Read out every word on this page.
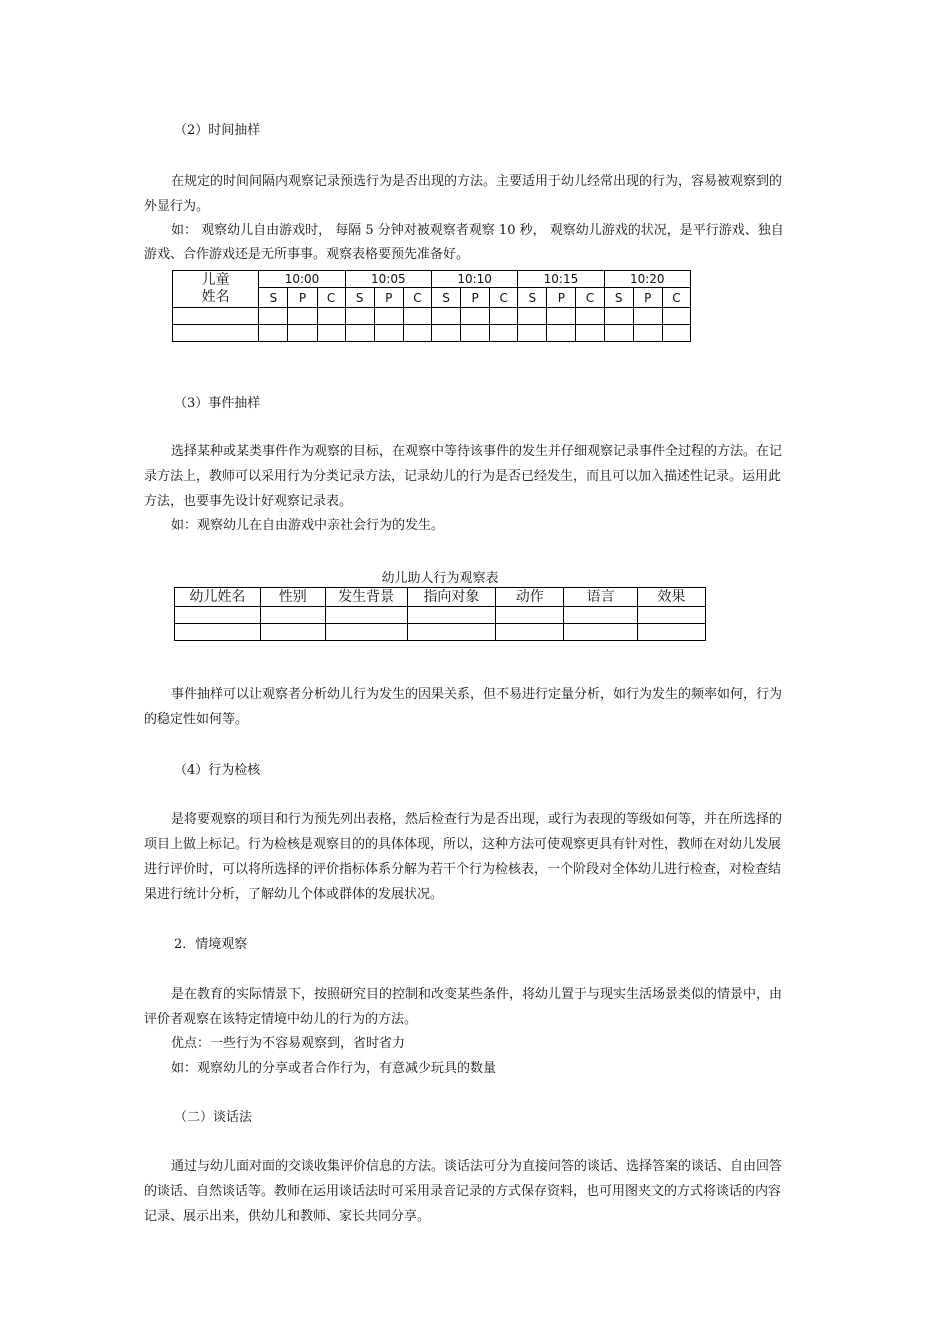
（2）时间抽样
在规定的时间间隔内观察记录预选行为是否出现的方法。主要适用于幼儿经常出现的行为，容易被观察到的
外显行为。
如： 观察幼儿自由游戏时， 每隔 5 分钟对被观察者观察 10 秒， 观察幼儿游戏的状况，是平行游戏、独自
游戏、合作游戏还是无所事事。观察表格要预先准备好。
儿童
姓名	10:00			10:05			10:10			10:15			10:20		
	S	P	C	S	P	C	S	P	C	S	P	C	S	P	C

（3）事件抽样
选择某种或某类事件作为观察的目标，在观察中等待该事件的发生并仔细观察记录事件全过程的方法。在记
录方法上，教师可以采用行为分类记录方法，记录幼儿的行为是否已经发生，而且可以加入描述性记录。运用此
方法，也要事先设计好观察记录表。
如：观察幼儿在自由游戏中亲社会行为的发生。
幼儿助人行为观察表
幼儿姓名	性别	发生背景	指向对象	动作	语言	效果

事件抽样可以让观察者分析幼儿行为发生的因果关系，但不易进行定量分析，如行为发生的频率如何，行为
的稳定性如何等。
（4）行为检核
是将要观察的项目和行为预先列出表格，然后检查行为是否出现，或行为表现的等级如何等，并在所选择的
项目上做上标记。行为检核是观察目的的具体体现，所以，这种方法可使观察更具有针对性，教师在对幼儿发展
进行评价时，可以将所选择的评价指标体系分解为若干个行为检核表，一个阶段对全体幼儿进行检查，对检查结
果进行统计分析，了解幼儿个体或群体的发展状况。
2．情境观察
是在教育的实际情景下，按照研究目的控制和改变某些条件，将幼儿置于与现实生活场景类似的情景中，由
评价者观察在该特定情境中幼儿的行为的方法。
优点：一些行为不容易观察到，省时省力
如：观察幼儿的分享或者合作行为，有意减少玩具的数量
（二）谈话法
通过与幼儿面对面的交谈收集评价信息的方法。谈话法可分为直接问答的谈话、选择答案的谈话、自由回答
的谈话、自然谈话等。教师在运用谈话法时可采用录音记录的方式保存资料，也可用图夹文的方式将谈话的内容
记录、展示出来，供幼儿和教师、家长共同分享。
